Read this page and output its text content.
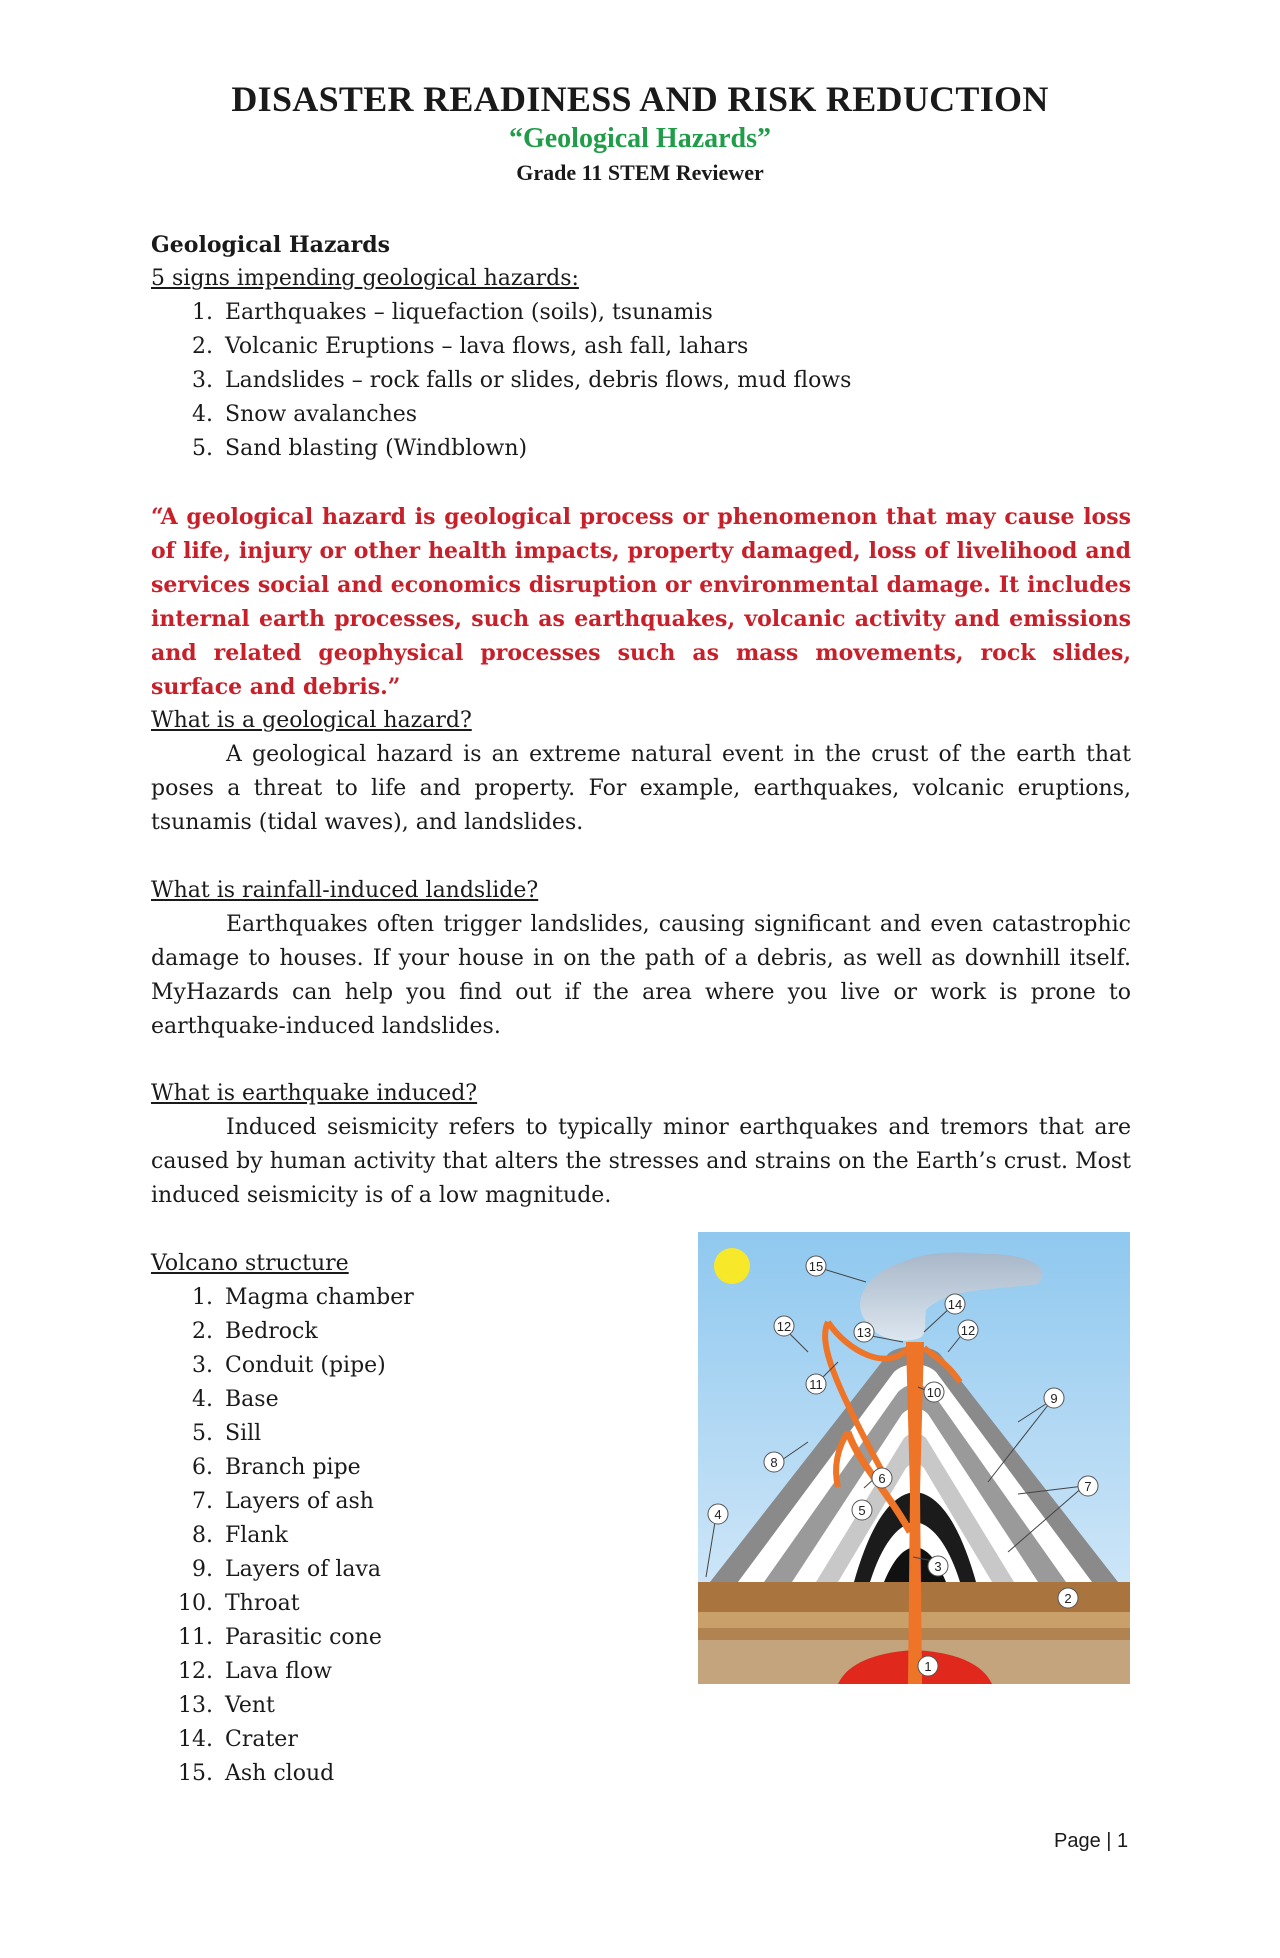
DISASTER READINESS AND RISK REDUCTION
“Geological Hazards”
Grade 11 STEM Reviewer
Geological Hazards
5 signs impending geological hazards:
1. Earthquakes – liquefaction (soils), tsunamis
2. Volcanic Eruptions – lava flows, ash fall, lahars
3. Landslides – rock falls or slides, debris flows, mud flows
4. Snow avalanches
5. Sand blasting (Windblown)
“A geological hazard is geological process or phenomenon that may cause loss of life, injury or other health impacts, property damaged, loss of livelihood and services social and economics disruption or environmental damage. It includes internal earth processes, such as earthquakes, volcanic activity and emissions and related geophysical processes such as mass movements, rock slides, surface and debris.”
What is a geological hazard?

A geological hazard is an extreme natural event in the crust of the earth that poses a threat to life and property. For example, earthquakes, volcanic eruptions, tsunamis (tidal waves), and landslides.

What is rainfall-induced landslide?

Earthquakes often trigger landslides, causing significant and even catastrophic damage to houses. If your house in on the path of a debris, as well as downhill itself. MyHazards can help you find out if the area where you live or work is prone to earthquake-induced landslides.

What is earthquake induced?

Induced seismicity refers to typically minor earthquakes and tremors that are caused by human activity that alters the stresses and strains on the Earth’s crust. Most induced seismicity is of a low magnitude.

Volcano structure
1. Magma chamber
2. Bedrock
3. Conduit (pipe)
4. Base
5. Sill
6. Branch pipe
7. Layers of ash
8. Flank
9. Layers of lava
10. Throat
11. Parasitic cone
12. Lava flow
13. Vent
14. Crater
15. Ash cloud
15
14
13
12	12
11
10	9
8
7
6
5
4
3
2
1
Page | 1
